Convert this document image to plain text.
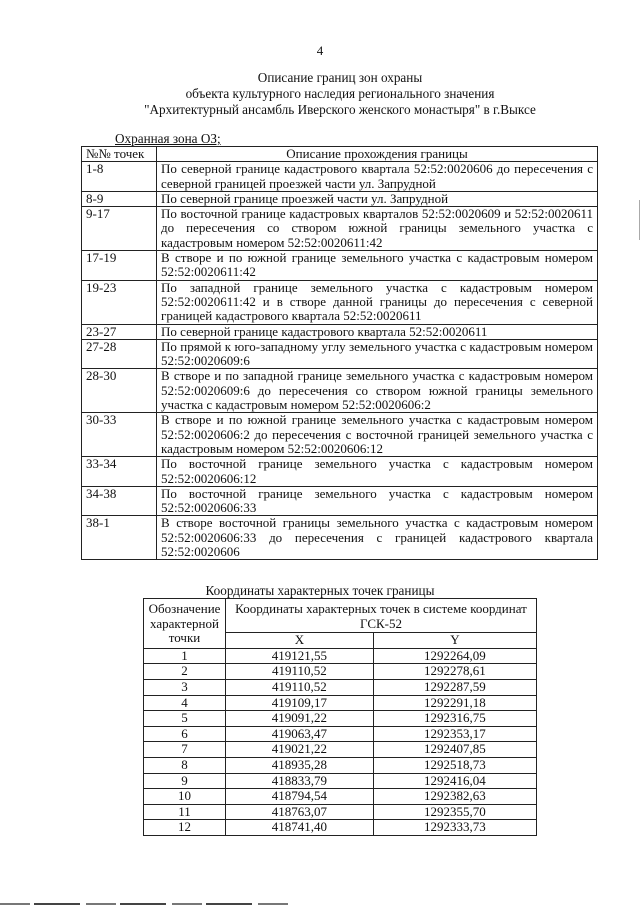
4
Описание границ зон охраны
объекта культурного наследия регионального значения
"Архитектурный ансамбль Иверского женского монастыря" в г.Выксе
Охранная зона ОЗ;
№№ точек	Описание прохождения границы
1-8	По северной границе кадастрового квартала 52:52:0020606 до пересечения с северной границей проезжей части ул. Запрудной
8-9	По северной границе проезжей части ул. Запрудной
9-17	По восточной границе кадастровых кварталов 52:52:0020609 и 52:52:0020611 до пересечения со створом южной границы земельного участка с кадастровым номером 52:52:0020611:42
17-19	В створе и по южной границе земельного участка с кадастровым номером 52:52:0020611:42
19-23	По западной границе земельного участка с кадастровым номером 52:52:0020611:42 и в створе данной границы до пересечения с северной границей кадастрового квартала 52:52:0020611
23-27	По северной границе кадастрового квартала 52:52:0020611
27-28	По прямой к юго-западному углу земельного участка с кадастровым номером 52:52:0020609:6
28-30	В створе и по западной границе земельного участка с кадастровым номером 52:52:0020609:6 до пересечения со створом южной границы земельного участка с кадастровым номером 52:52:0020606:2
30-33	В створе и по южной границе земельного участка с кадастровым номером 52:52:0020606:2 до пересечения с восточной границей земельного участка с кадастровым номером 52:52:0020606:12
33-34	По восточной границе земельного участка с кадастровым номером 52:52:0020606:12
34-38	По восточной границе земельного участка с кадастровым номером 52:52:0020606:33
38-1	В створе восточной границы земельного участка с кадастровым номером 52:52:0020606:33 до пересечения с границей кадастрового квартала 52:52:0020606
Координаты характерных точек границы
Обозначение характерной точки	Координаты характерных точек в системе координат ГСК-52	
	X	Y
1	419121,55	1292264,09
2	419110,52	1292278,61
3	419110,52	1292287,59
4	419109,17	1292291,18
5	419091,22	1292316,75
6	419063,47	1292353,17
7	419021,22	1292407,85
8	418935,28	1292518,73
9	418833,79	1292416,04
10	418794,54	1292382,63
11	418763,07	1292355,70
12	418741,40	1292333,73
